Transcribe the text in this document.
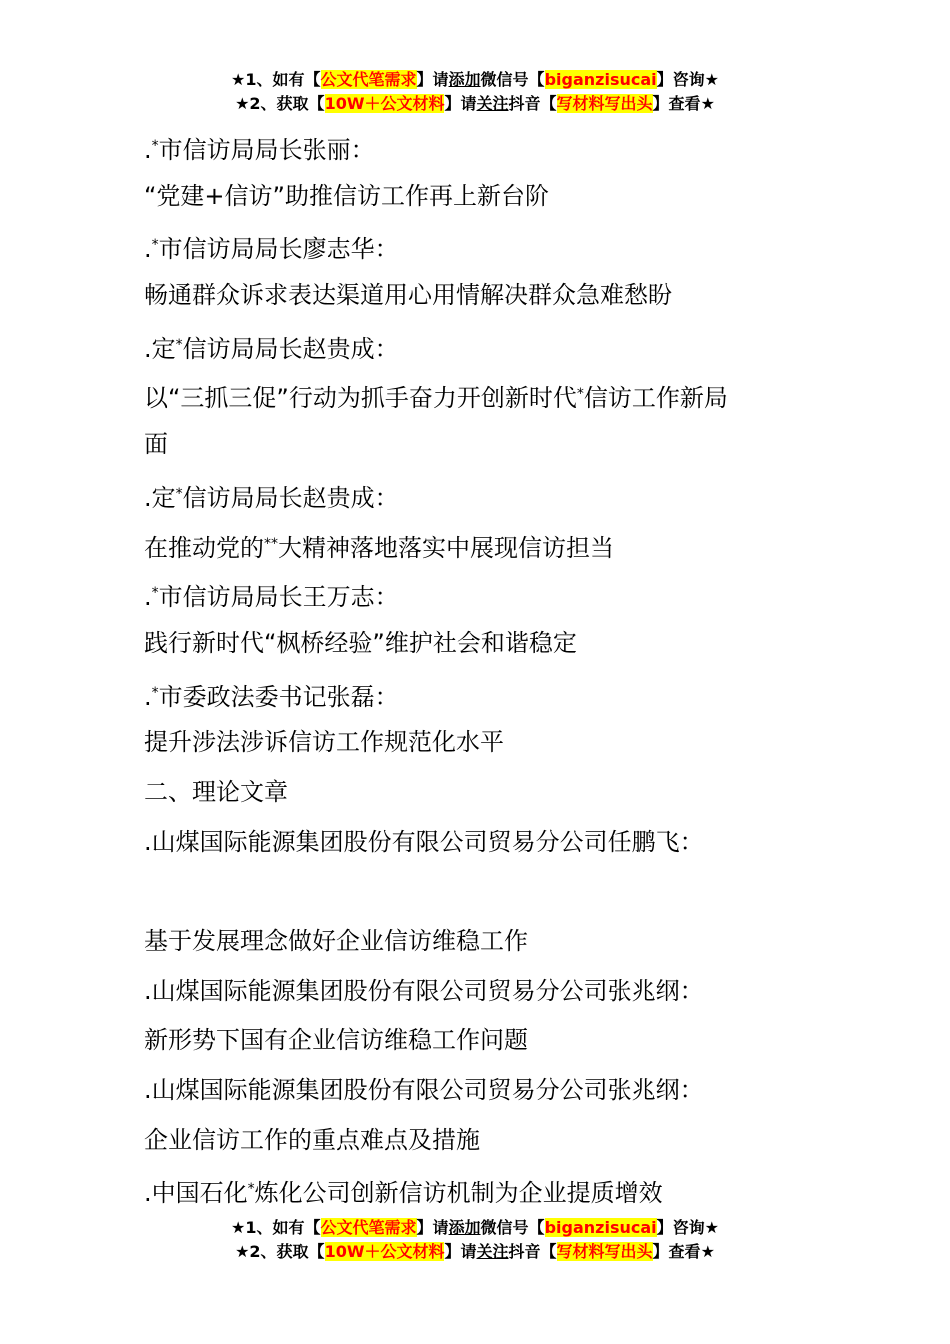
★1、如有【公文代笔需求】请添加微信号【biganzisucai】咨询★
★2、获取【10W＋公文材料】请关注抖音【写材料写出头】查看★
.*市信访局局长张丽：
“党建+信访”助推信访工作再上新台阶
.*市信访局局长廖志华：
畅通群众诉求表达渠道用心用情解决群众急难愁盼
.定*信访局局长赵贵成：
以“三抓三促”行动为抓手奋力开创新时代*信访工作新局
面
.定*信访局局长赵贵成：
在推动党的**大精神落地落实中展现信访担当
.*市信访局局长王万志：
践行新时代“枫桥经验”维护社会和谐稳定
.*市委政法委书记张磊：
提升涉法涉诉信访工作规范化水平
二、理论文章
.山煤国际能源集团股份有限公司贸易分公司任鹏飞：
基于发展理念做好企业信访维稳工作
.山煤国际能源集团股份有限公司贸易分公司张兆纲：
新形势下国有企业信访维稳工作问题
.山煤国际能源集团股份有限公司贸易分公司张兆纲：
企业信访工作的重点难点及措施
.中国石化*炼化公司创新信访机制为企业提质增效
★1、如有【公文代笔需求】请添加微信号【biganzisucai】咨询★
★2、获取【10W＋公文材料】请关注抖音【写材料写出头】查看★
